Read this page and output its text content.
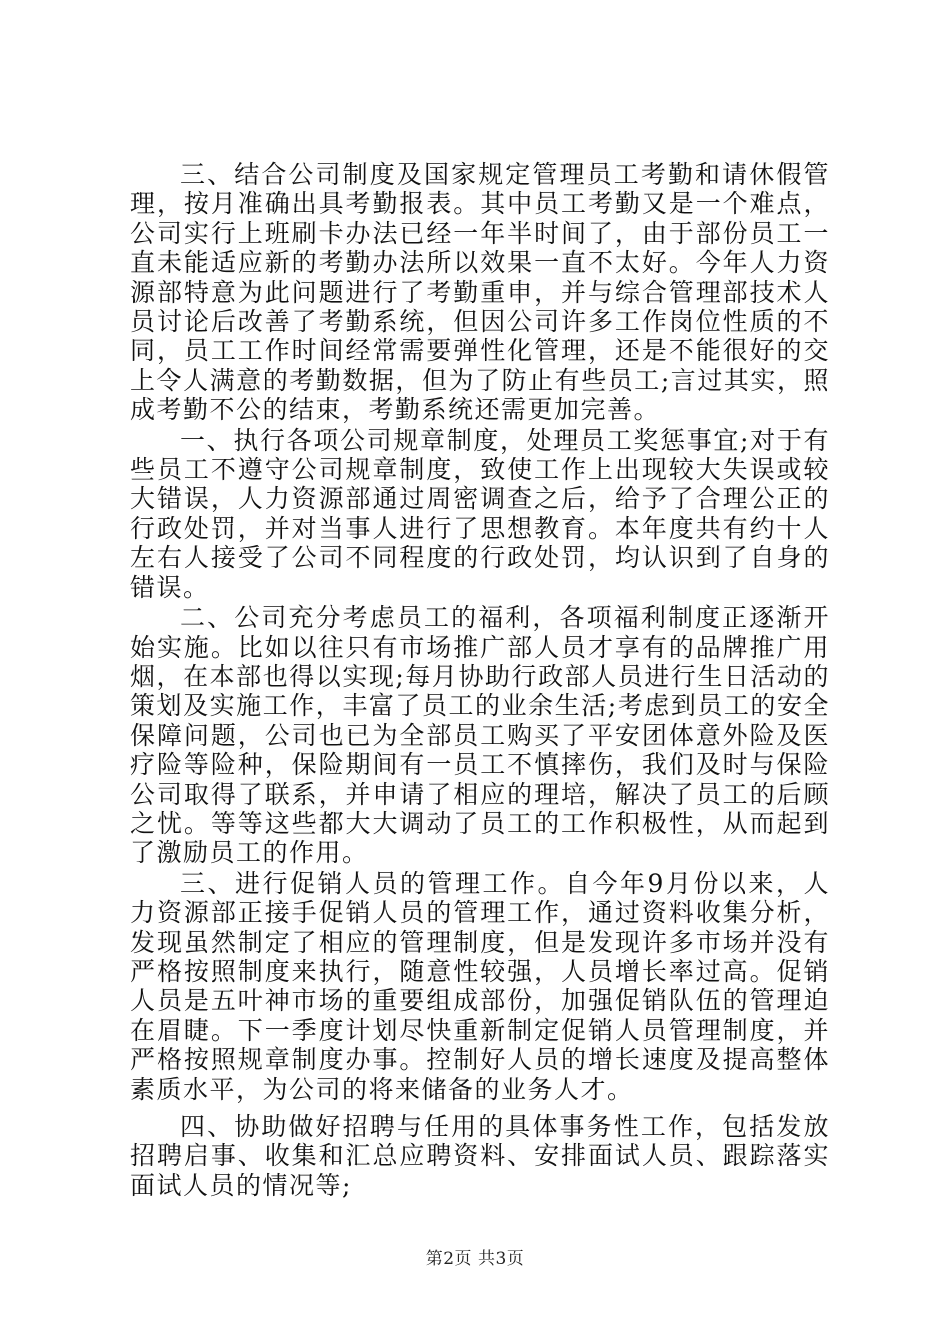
三、结合公司制度及国家规定管理员工考勤和请休假管理，按月准确出具考勤报表。其中员工考勤又是一个难点，公司实行上班刷卡办法已经一年半时间了，由于部份员工一直未能适应新的考勤办法所以效果一直不太好。今年人力资源部特意为此问题进行了考勤重申，并与综合管理部技术人员讨论后改善了考勤系统，但因公司许多工作岗位性质的不同，员工工作时间经常需要弹性化管理，还是不能很好的交上令人满意的考勤数据，但为了防止有些员工;言过其实，照成考勤不公的结束，考勤系统还需更加完善。

一、执行各项公司规章制度，处理员工奖惩事宜;对于有些员工不遵守公司规章制度，致使工作上出现较大失误或较大错误，人力资源部通过周密调查之后，给予了合理公正的行政处罚，并对当事人进行了思想教育。本年度共有约十人左右人接受了公司不同程度的行政处罚，均认识到了自身的错误。

二、公司充分考虑员工的福利，各项福利制度正逐渐开始实施。比如以往只有市场推广部人员才享有的品牌推广用烟，在本部也得以实现;每月协助行政部人员进行生日活动的策划及实施工作，丰富了员工的业余生活;考虑到员工的安全保障问题，公司也已为全部员工购买了平安团体意外险及医疗险等险种，保险期间有一员工不慎摔伤，我们及时与保险公司取得了联系，并申请了相应的理培，解决了员工的后顾之忧。等等这些都大大调动了员工的工作积极性，从而起到了激励员工的作用。

三、进行促销人员的管理工作。自今年9月份以来，人力资源部正接手促销人员的管理工作，通过资料收集分析，发现虽然制定了相应的管理制度，但是发现许多市场并没有严格按照制度来执行，随意性较强，人员增长率过高。促销人员是五叶神市场的重要组成部份，加强促销队伍的管理迫在眉睫。下一季度计划尽快重新制定促销人员管理制度，并严格按照规章制度办事。控制好人员的增长速度及提高整体素质水平，为公司的将来储备的业务人才。

四、协助做好招聘与任用的具体事务性工作，包括发放招聘启事、收集和汇总应聘资料、安排面试人员、跟踪落实面试人员的情况等;

第2页 共3页
